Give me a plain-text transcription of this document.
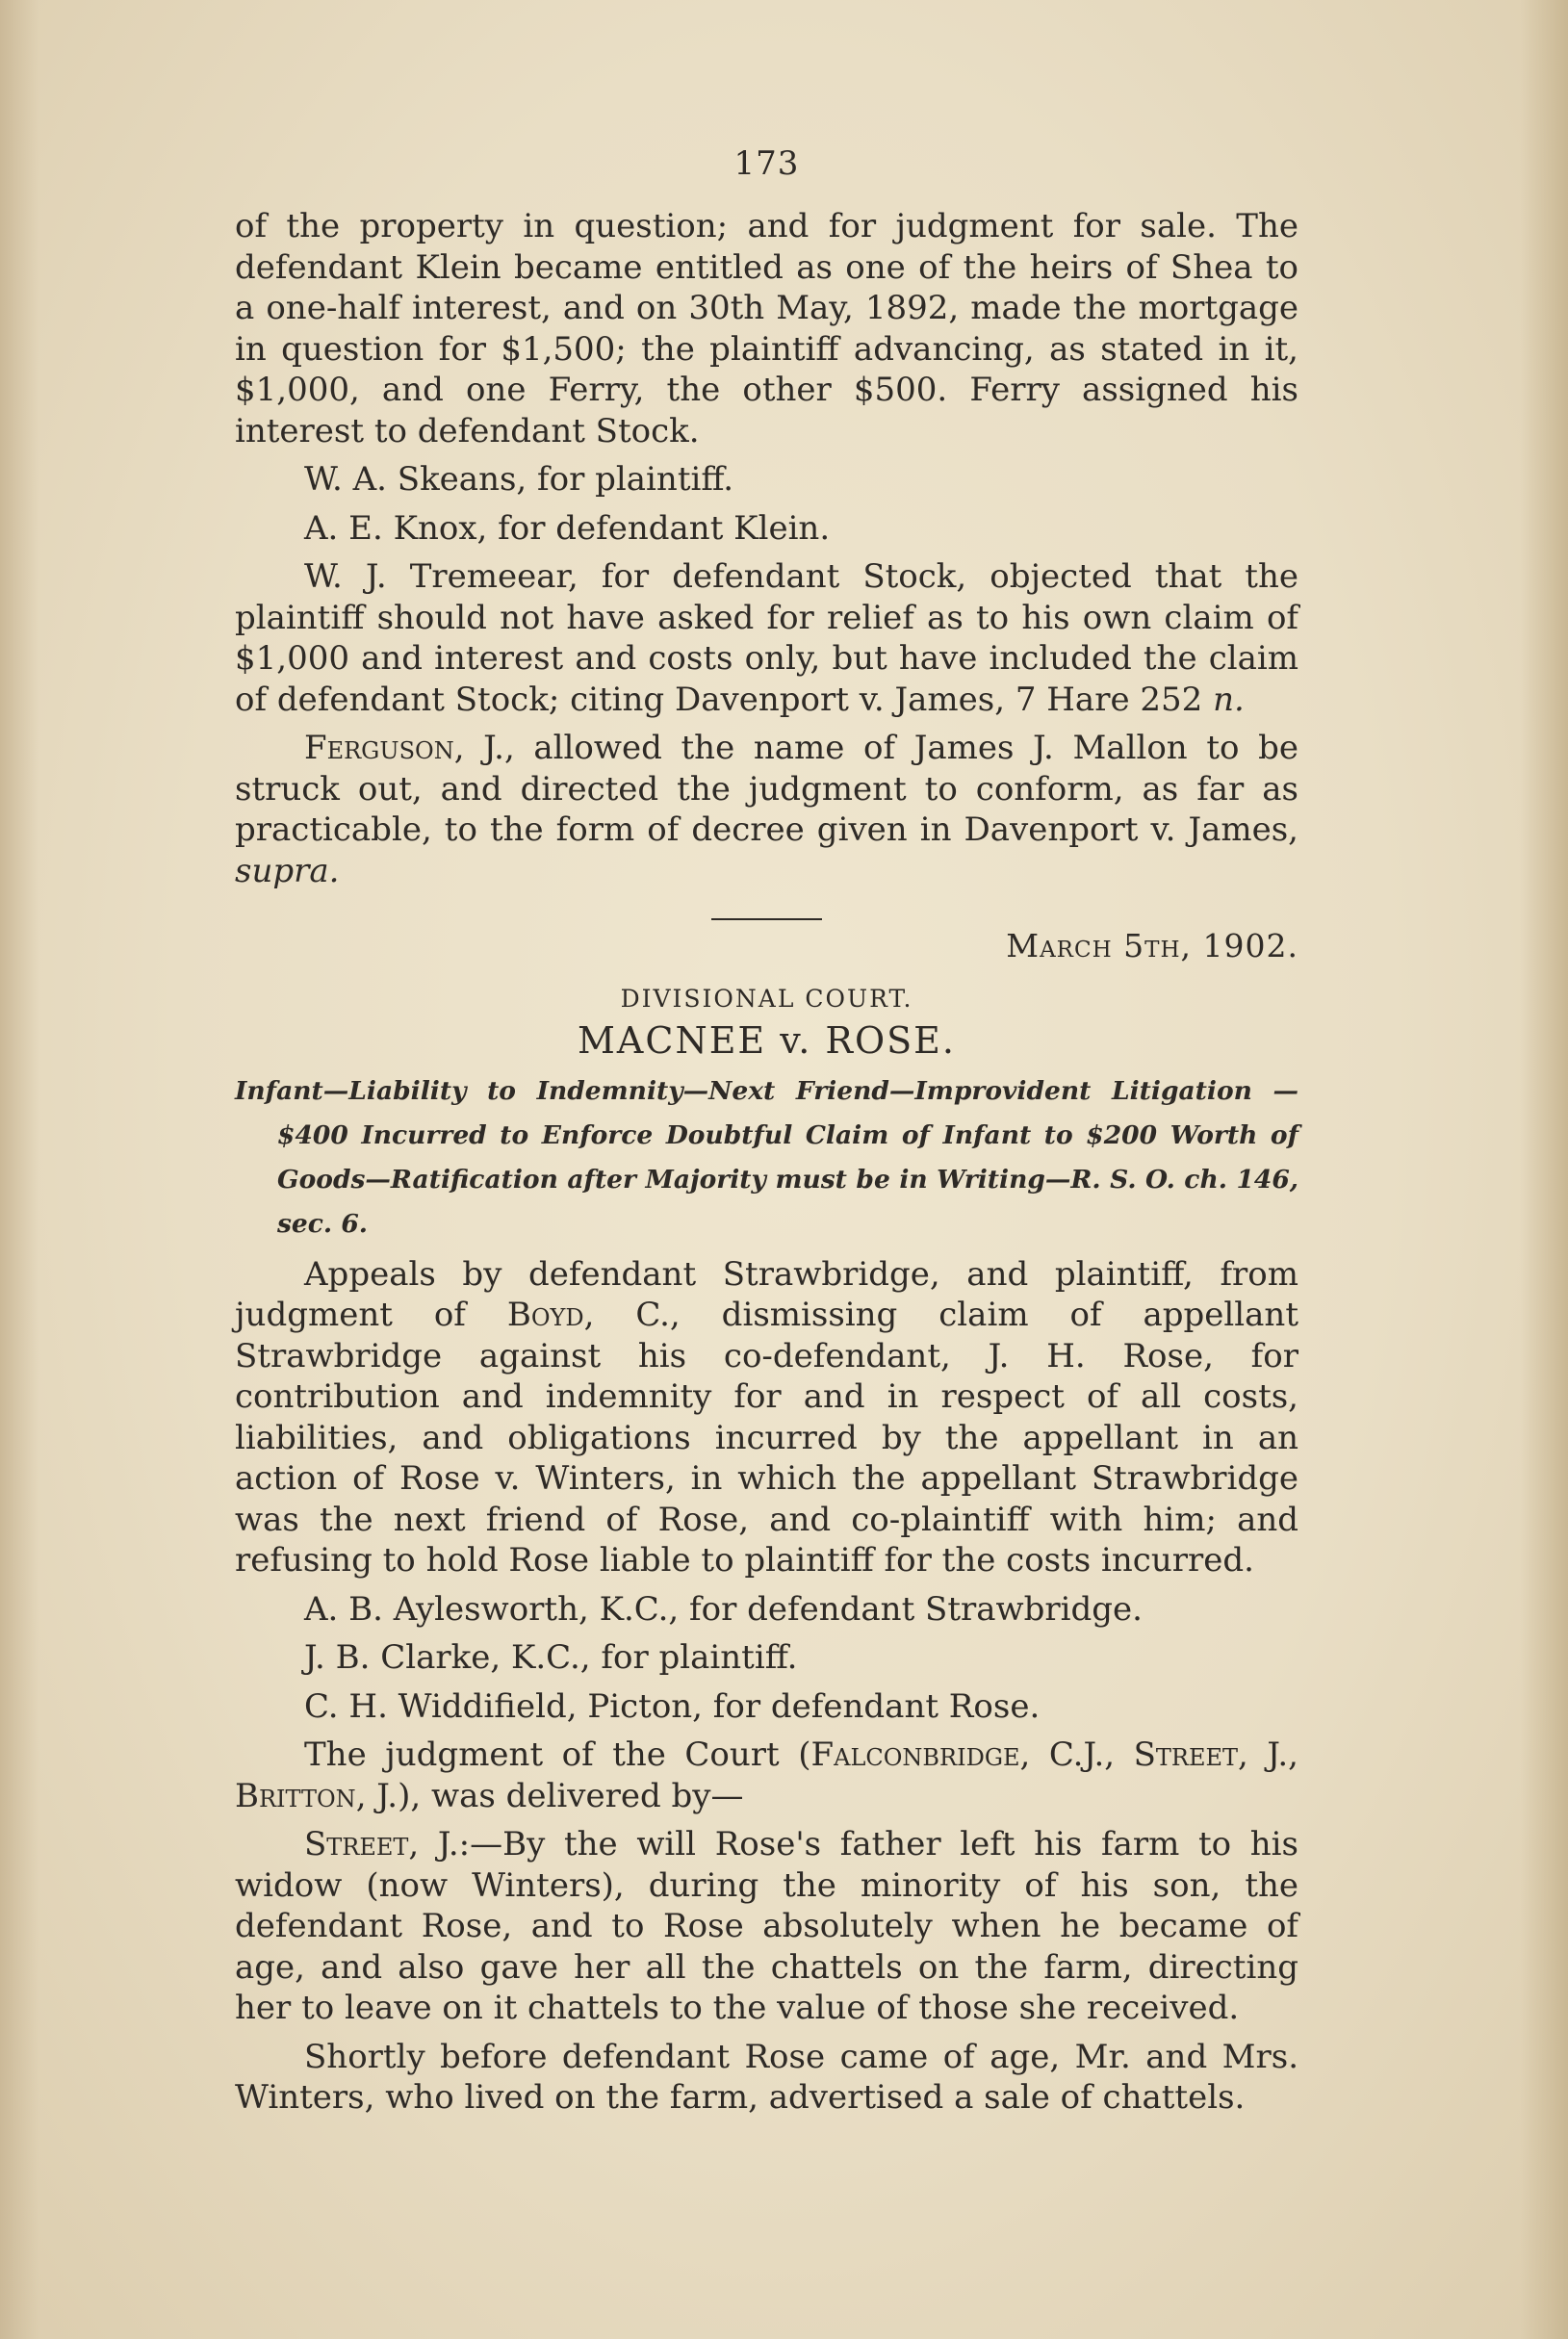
173

of the property in question; and for judgment for sale. The defendant Klein became entitled as one of the heirs of Shea to a one-half interest, and on 30th May, 1892, made the mortgage in question for $1,500; the plaintiff advancing, as stated in it, $1,000, and one Ferry, the other $500. Ferry assigned his interest to defendant Stock.

W. A. Skeans, for plaintiff.

A. E. Knox, for defendant Klein.

W. J. Tremeear, for defendant Stock, objected that the plaintiff should not have asked for relief as to his own claim of $1,000 and interest and costs only, but have included the claim of defendant Stock; citing Davenport v. James, 7 Hare 252 n.

Ferguson, J., allowed the name of James J. Mallon to be struck out, and directed the judgment to conform, as far as practicable, to the form of decree given in Davenport v. James, supra.

March 5th, 1902.

DIVISIONAL COURT.

MACNEE v. ROSE.

Infant—Liability to Indemnity—Next Friend—Improvident Litigation —$400 Incurred to Enforce Doubtful Claim of Infant to $200 Worth of Goods—Ratification after Majority must be in Writing—R. S. O. ch. 146, sec. 6.

Appeals by defendant Strawbridge, and plaintiff, from judgment of Boyd, C., dismissing claim of appellant Strawbridge against his co-defendant, J. H. Rose, for contribution and indemnity for and in respect of all costs, liabilities, and obligations incurred by the appellant in an action of Rose v. Winters, in which the appellant Strawbridge was the next friend of Rose, and co-plaintiff with him; and refusing to hold Rose liable to plaintiff for the costs incurred.

A. B. Aylesworth, K.C., for defendant Strawbridge.

J. B. Clarke, K.C., for plaintiff.

C. H. Widdifield, Picton, for defendant Rose.

The judgment of the Court (Falconbridge, C.J., Street, J., Britton, J.), was delivered by—

Street, J.:—By the will Rose's father left his farm to his widow (now Winters), during the minority of his son, the defendant Rose, and to Rose absolutely when he became of age, and also gave her all the chattels on the farm, directing her to leave on it chattels to the value of those she received.

Shortly before defendant Rose came of age, Mr. and Mrs. Winters, who lived on the farm, advertised a sale of chattels.
